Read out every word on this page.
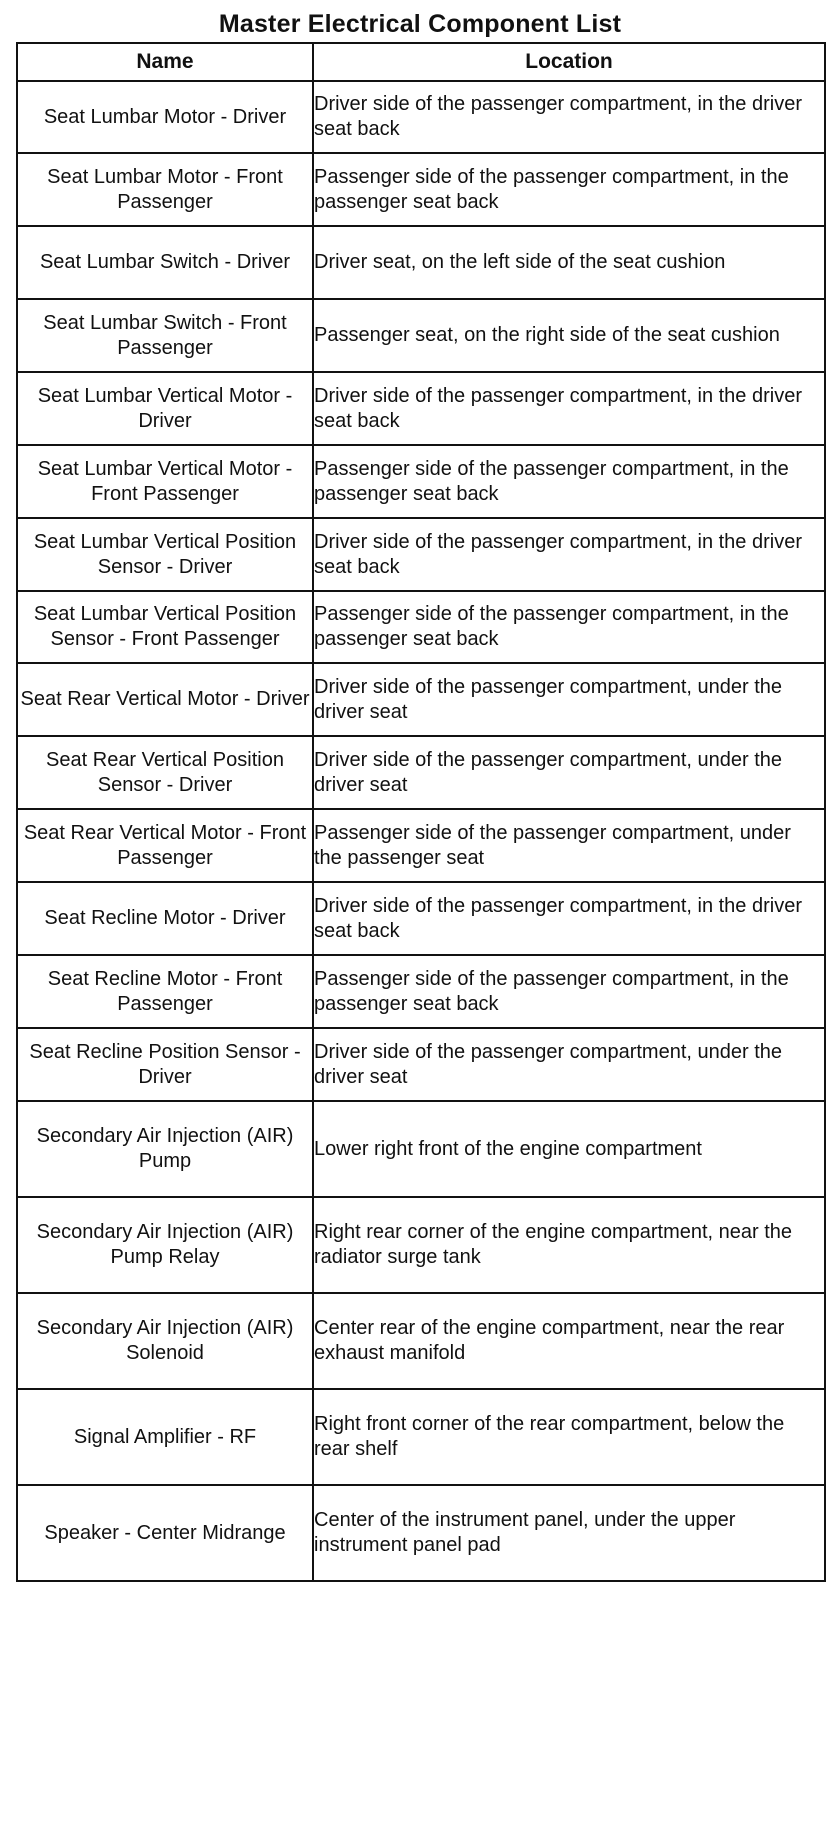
Master Electrical Component List
Name	Location
Seat Lumbar Motor - Driver	Driver side of the passenger compartment, in the driver seat back
Seat Lumbar Motor - Front Passenger	Passenger side of the passenger compartment, in the passenger seat back
Seat Lumbar Switch - Driver	Driver seat, on the left side of the seat cushion
Seat Lumbar Switch - Front Passenger	Passenger seat, on the right side of the seat cushion
Seat Lumbar Vertical Motor - Driver	Driver side of the passenger compartment, in the driver seat back
Seat Lumbar Vertical Motor - Front Passenger	Passenger side of the passenger compartment, in the passenger seat back
Seat Lumbar Vertical Position Sensor - Driver	Driver side of the passenger compartment, in the driver seat back
Seat Lumbar Vertical Position Sensor - Front Passenger	Passenger side of the passenger compartment, in the passenger seat back
Seat Rear Vertical Motor - Driver	Driver side of the passenger compartment, under the driver seat
Seat Rear Vertical Position Sensor - Driver	Driver side of the passenger compartment, under the driver seat
Seat Rear Vertical Motor - Front Passenger	Passenger side of the passenger compartment, under the passenger seat
Seat Recline Motor - Driver	Driver side of the passenger compartment, in the driver seat back
Seat Recline Motor - Front Passenger	Passenger side of the passenger compartment, in the passenger seat back
Seat Recline Position Sensor - Driver	Driver side of the passenger compartment, under the driver seat
Secondary Air Injection (AIR) Pump	Lower right front of the engine compartment
Secondary Air Injection (AIR) Pump Relay	Right rear corner of the engine compartment, near the radiator surge tank
Secondary Air Injection (AIR) Solenoid	Center rear of the engine compartment, near the rear exhaust manifold
Signal Amplifier - RF	Right front corner of the rear compartment, below the rear shelf
Speaker - Center Midrange	Center of the instrument panel, under the upper instrument panel pad
